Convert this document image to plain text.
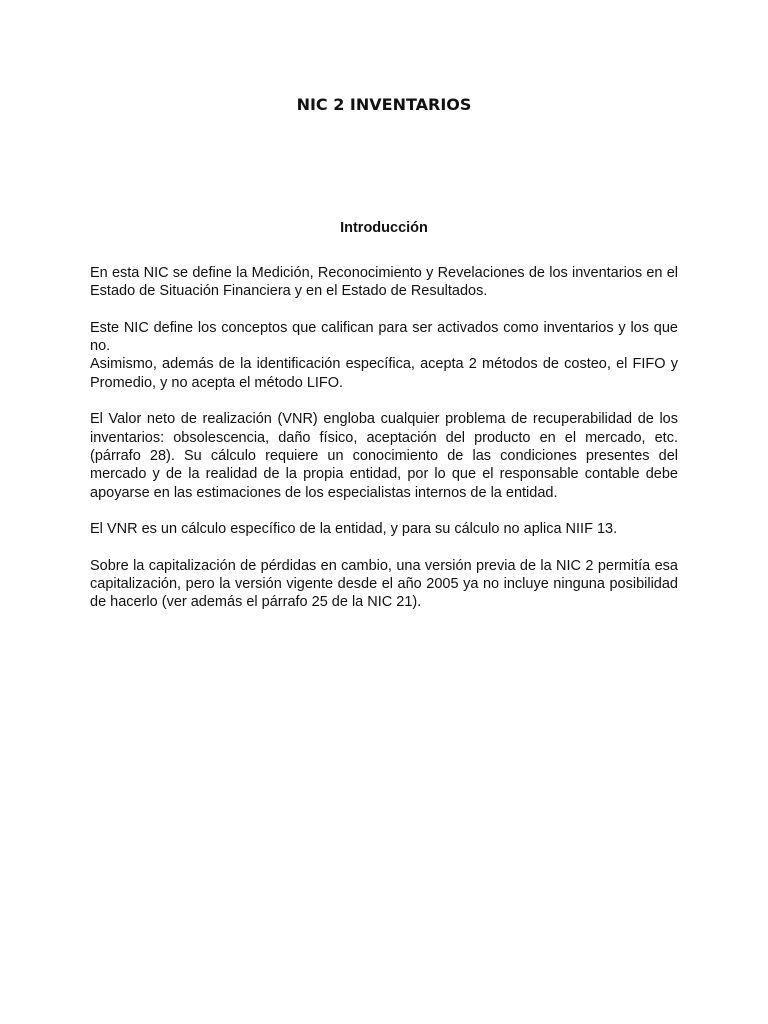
NIC 2 INVENTARIOS
Introducción

En esta NIC se define la Medición, Reconocimiento y Revelaciones de los inventarios en el Estado de Situación Financiera y en el Estado de Resultados.

Este NIC define los conceptos que califican para ser activados como inventarios y los que no.

Asimismo, además de la identificación específica, acepta 2 métodos de costeo, el FIFO y Promedio, y no acepta el método LIFO.

El Valor neto de realización (VNR) engloba cualquier problema de recuperabilidad de los inventarios: obsolescencia, daño físico, aceptación del producto en el mercado, etc.(párrafo 28). Su cálculo requiere un conocimiento de las condiciones presentes del mercado y de la realidad de la propia entidad, por lo que el responsable contable debe apoyarse en las estimaciones de los especialistas internos de la entidad.

El VNR es un cálculo específico de la entidad, y para su cálculo no aplica NIIF 13.

Sobre la capitalización de pérdidas en cambio, una versión previa de la NIC 2 permitía esa capitalización, pero la versión vigente desde el año 2005 ya no incluye ninguna posibilidad de hacerlo (ver además el párrafo 25 de la NIC 21).
